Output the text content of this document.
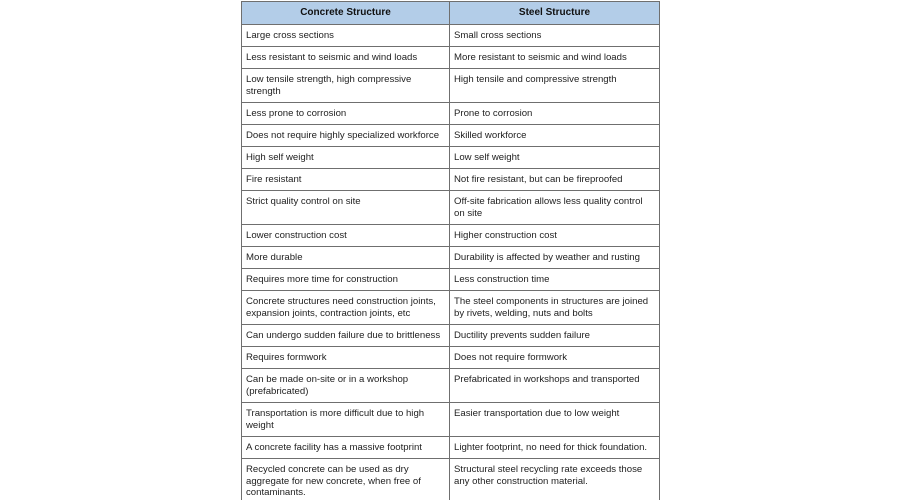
Concrete Structure	Steel Structure
Large cross sections	Small cross sections
Less resistant to seismic and wind loads	More resistant to seismic and wind loads
Low tensile strength, high compressive strength	High tensile and compressive strength
Less prone to corrosion	Prone to corrosion
Does not require highly specialized workforce	Skilled workforce
High self weight	Low self weight
Fire resistant	Not fire resistant, but can be fireproofed
Strict quality control on site	Off-site fabrication allows less quality control on site
Lower construction cost	Higher construction cost
More durable	Durability is affected by weather and rusting
Requires more time for construction	Less construction time
Concrete structures need construction joints, expansion joints, contraction joints, etc	The steel components in structures are joined by rivets, welding, nuts and bolts
Can undergo sudden failure due to brittleness	Ductility prevents sudden failure
Requires formwork	Does not require formwork
Can be made on-site or in a workshop (prefabricated)	Prefabricated in workshops and transported
Transportation is more difficult due to high weight	Easier transportation due to low weight
A concrete facility has a massive footprint	Lighter footprint, no need for thick foundation.
Recycled concrete can be used as dry aggregate for new concrete, when free of contaminants.	Structural steel recycling rate exceeds those any other construction material.
